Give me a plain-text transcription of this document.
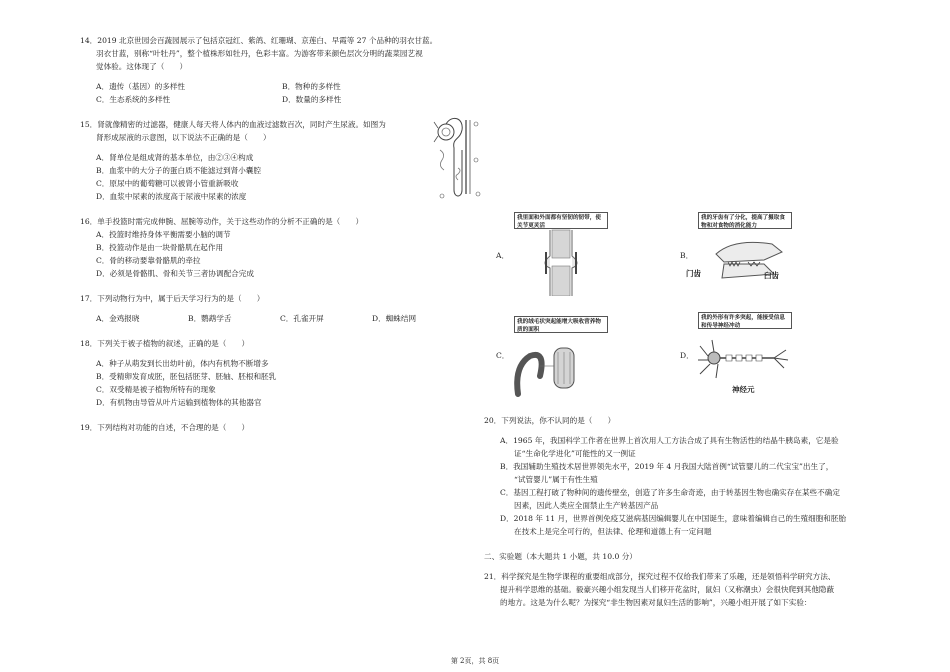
14．2019 北京世园会百蔬园展示了包括京冠红、紫鸽、红珊瑚、京莲白、早霞等 27 个品种的羽衣甘蓝。

羽衣甘蓝，别称“叶牡丹”，整个植株形如牡丹，色彩丰富。为游客带来颜色层次分明的蔬菜园艺视

觉体验。这体现了（　　）

A．遗传（基因）的多样性	B．物种的多样性
C．生态系统的多样性	D．数量的多样性

15．肾就像精密的过滤器，健康人每天将人体内的血液过滤数百次，同时产生尿液。如图为

肾形成尿液的示意图，以下说法不正确的是（　　）

A．肾单位是组成肾的基本单位，由②③④构成

B．血浆中的大分子的蛋白质不能滤过到肾小囊腔

C．原尿中的葡萄糖可以被肾小管重新吸收

D．血浆中尿素的浓度高于尿液中尿素的浓度

16．单手投篮时需完成伸腕、屈腕等动作，关于这些动作的分析不正确的是（　　）

A．投篮时维持身体平衡需要小脑的调节

B．投篮动作是由一块骨骼肌在起作用

C．骨的移动要靠骨骼肌的牵拉

D．必须是骨骼肌、骨和关节三者协调配合完成

17．下列动物行为中，属于后天学习行为的是（　　）

A．金鸡报晓	B．鹦鹉学舌	C．孔雀开屏	D．蜘蛛结网

18．下列关于被子植物的叙述，正确的是（　　）

A．种子从萌发到长出幼叶前，体内有机物不断增多

B．受精卵发育成胚，胚包括胚芽、胚轴、胚根和胚乳

C．双受精是被子植物所特有的现象

D．有机物由导管从叶片运输到植物体的其他器官

19．下列结构对功能的自述，不合理的是（　　）

A．
我里面和外面都有坚韧的韧带，使关节更灵活
B．
我的牙齿有了分化，提高了摄取食物和对食物的消化能力
门齿	臼齿
C．
我的绒毛状突起能增大吸收营养物质的面积
D．
我的外形有许多突起，能接受信息和传导神经冲动
神经元

20．下列说法，你不认同的是（　　）

A．1965 年，我国科学工作者在世界上首次用人工方法合成了具有生物活性的结晶牛胰岛素，它是验

证“生命化学进化”可能性的又一例证

B．我国辅助生殖技术居世界领先水平，2019 年 4 月我国大陆首例“试管婴儿的二代宝宝”出生了，

“试管婴儿”属于有性生殖

C．基因工程打破了物种间的遗传壁垒，创造了许多生命奇迹，由于转基因生物也确实存在某些不确定

因素，因此人类应全面禁止生产转基因产品

D．2018 年 11 月，世界首例免疫艾滋病基因编辑婴儿在中国诞生，意味着编辑自己的生殖细胞和胚胎

在技术上是完全可行的，但法律、伦理和道德上有一定问题

二、实验题（本大题共 1 小题，共 10.0 分）

21．科学探究是生物学课程的重要组成部分，探究过程不仅给我们带来了乐趣，还是领悟科学研究方法、

提升科学思维的基础。毅豪兴趣小组发现当人们移开花盆时，鼠妇（又称潮虫）会很快爬到其他隐蔽

的地方。这是为什么呢？为探究“非生物因素对鼠妇生活的影响”，兴趣小组开展了如下实验：

第 2页，共 8页
